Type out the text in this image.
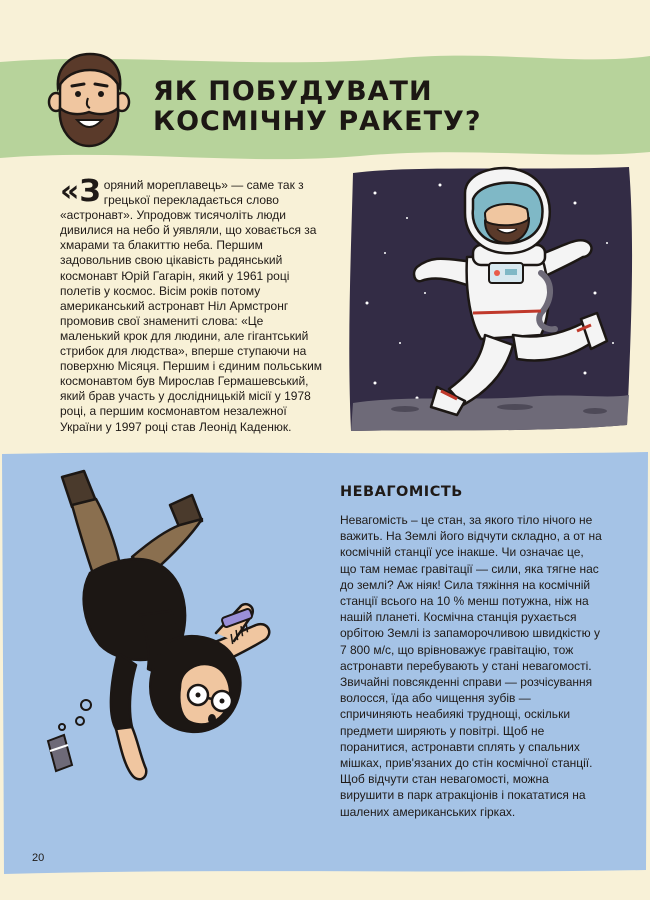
ЯК ПОБУДУВАТИ
КОСМІЧНУ РАКЕТУ?

«Зоряний мореплавець» — саме так з грецької перекладається слово «астронавт». Упродовж тисячоліть люди дивилися на небо й уявляли, що ховається за хмарами та блакиттю неба. Першим задовольнив свою цікавість радянський космонавт Юрій Гагарін, який у 1961 році полетів у космос. Вісім років потому американський астронавт Ніл Армстронг промовив свої знамениті слова: «Це маленький крок для людини, але гігантський стрибок для людства», вперше ступаючи на поверхню Місяця. Першим і єдиним польським космонавтом був Мирослав Гермашевський, який брав участь у дослідницькій місії у 1978 році, а першим космонавтом незалежної України у 1997 році став Леонід Каденюк.

НЕВАГОМІСТЬ

Невагомість – це стан, за якого тіло нічого не важить. На Землі його відчути складно, а от на космічній станції усе інакше. Чи означає це, що там немає гравітації — сили, яка тягне нас до землі? Аж ніяк! Сила тяжіння на космічній станції всього на 10 % менш потужна, ніж на нашій планеті. Космічна станція рухається орбітою Землі із запаморочливою швидкістю у 7 800 м/с, що врівноважує гравітацію, тож астронавти перебувають у стані невагомості. Звичайні повсякденні справи — розчісування волосся, їда або чищення зубів — спричиняють неабиякі труднощі, оскільки предмети ширяють у повітрі. Щоб не поранитися, астронавти сплять у спальних мішках, прив'язаних до стін космічної станції. Щоб відчути стан невагомості, можна вирушити в парк атракціонів і покататися на шалених американських гірках.

20
